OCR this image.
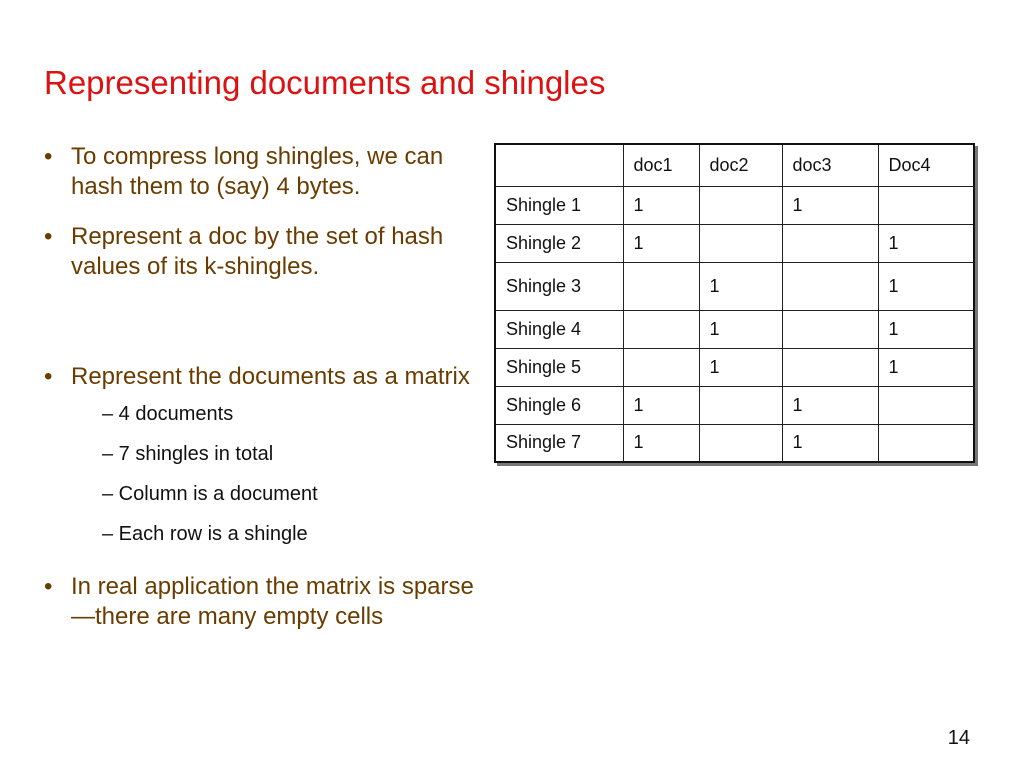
Representing documents and shingles
• To compress long shingles, we can hash them to (say) 4 bytes.
• Represent a doc by the set of hash values of its k-shingles.
• Represent the documents as a matrix
– 4 documents
– 7 shingles in total
– Column is a document
– Each row is a shingle
• In real application the matrix is sparse—there are many empty cells
	doc1	doc2	doc3	Doc4
Shingle 1	1		1	
Shingle 2	1			1
Shingle 3		1		1
Shingle 4		1		1
Shingle 5		1		1
Shingle 6	1		1	
Shingle 7	1		1	
14
